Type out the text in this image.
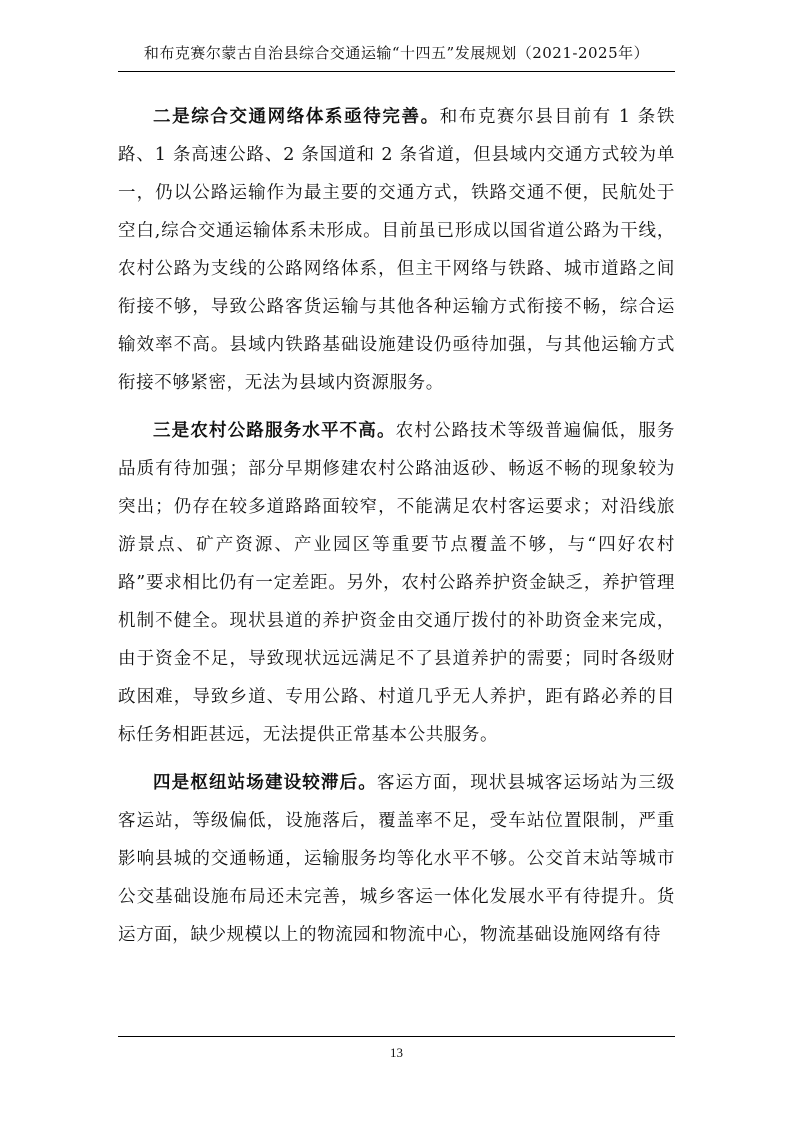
和布克赛尔蒙古自治县综合交通运输“十四五”发展规划（2021-2025年）

二是综合交通网络体系亟待完善。和布克赛尔县目前有 1 条铁路、1 条高速公路、2 条国道和 2 条省道，但县域内交通方式较为单一，仍以公路运输作为最主要的交通方式，铁路交通不便，民航处于空白,综合交通运输体系未形成。目前虽已形成以国省道公路为干线，农村公路为支线的公路网络体系，但主干网络与铁路、城市道路之间衔接不够，导致公路客货运输与其他各种运输方式衔接不畅，综合运输效率不高。县域内铁路基础设施建设仍亟待加强，与其他运输方式衔接不够紧密，无法为县域内资源服务。

三是农村公路服务水平不高。农村公路技术等级普遍偏低，服务品质有待加强；部分早期修建农村公路油返砂、畅返不畅的现象较为突出；仍存在较多道路路面较窄，不能满足农村客运要求；对沿线旅游景点、矿产资源、产业园区等重要节点覆盖不够，与“四好农村路”要求相比仍有一定差距。另外，农村公路养护资金缺乏，养护管理机制不健全。现状县道的养护资金由交通厅拨付的补助资金来完成，由于资金不足，导致现状远远满足不了县道养护的需要；同时各级财政困难，导致乡道、专用公路、村道几乎无人养护，距有路必养的目标任务相距甚远，无法提供正常基本公共服务。

四是枢纽站场建设较滞后。客运方面，现状县城客运场站为三级客运站，等级偏低，设施落后，覆盖率不足，受车站位置限制，严重影响县城的交通畅通，运输服务均等化水平不够。公交首末站等城市公交基础设施布局还未完善，城乡客运一体化发展水平有待提升。货运方面，缺少规模以上的物流园和物流中心，物流基础设施网络有待

13
